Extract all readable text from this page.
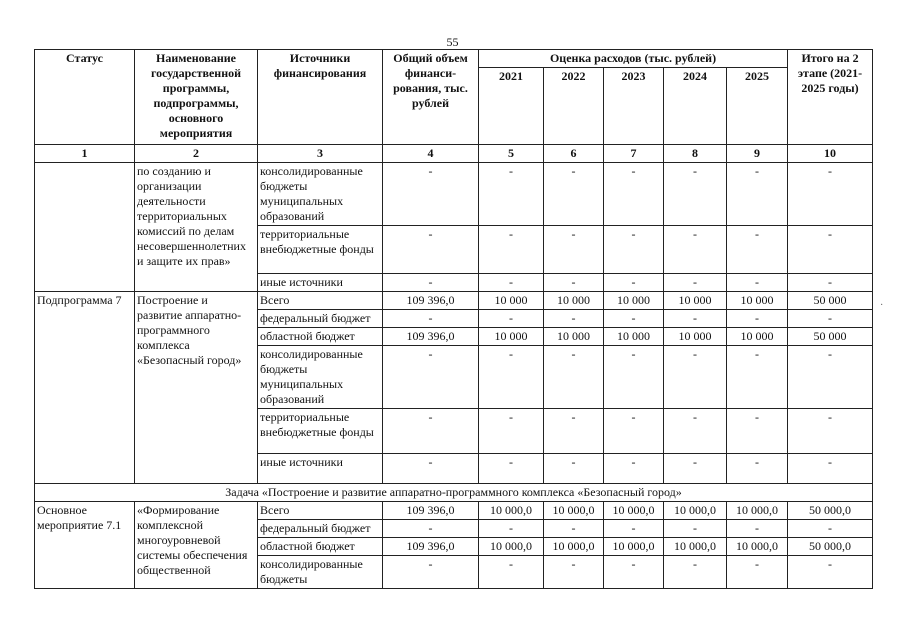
55
Статус	Наименование государственной программы, подпрограммы, основного мероприятия	Источники финансирования	Общий объем финанси-рования, тыс. рублей	Оценка расходов (тыс. рублей)					Итого на 2 этапе (2021-2025 годы)
				2021	2022	2023	2024	2025	
1	2	3	4	5	6	7	8	9	10
	по созданию и организации деятельности территориальных комиссий по делам несовершеннолетних и защите их прав»	консолидированные бюджеты муниципальных образований	-	-	-	-	-	-	-
		территориальные внебюджетные фонды	-	-	-	-	-	-	-
		иные источники	-	-	-	-	-	-	-
Подпрограмма 7	Построение и развитие аппаратно-программного комплекса «Безопасный город»	Всего	109 396,0	10 000	10 000	10 000	10 000	10 000	50 000
		федеральный бюджет	-	-	-	-	-	-	-
		областной бюджет	109 396,0	10 000	10 000	10 000	10 000	10 000	50 000
		консолидированные бюджеты муниципальных образований	-	-	-	-	-	-	-
		территориальные внебюджетные фонды	-	-	-	-	-	-	-
		иные источники	-	-	-	-	-	-	-
Задача «Построение и развитие аппаратно-программного комплекса «Безопасный город»									
Основное мероприятие 7.1	«Формирование комплексной многоуровневой системы обеспечения общественной	Всего	109 396,0	10 000,0	10 000,0	10 000,0	10 000,0	10 000,0	50 000,0
		федеральный бюджет	-	-	-	-	-	-	-
		областной бюджет	109 396,0	10 000,0	10 000,0	10 000,0	10 000,0	10 000,0	50 000,0
		консолидированные бюджеты	-	-	-	-	-	-	-
·
